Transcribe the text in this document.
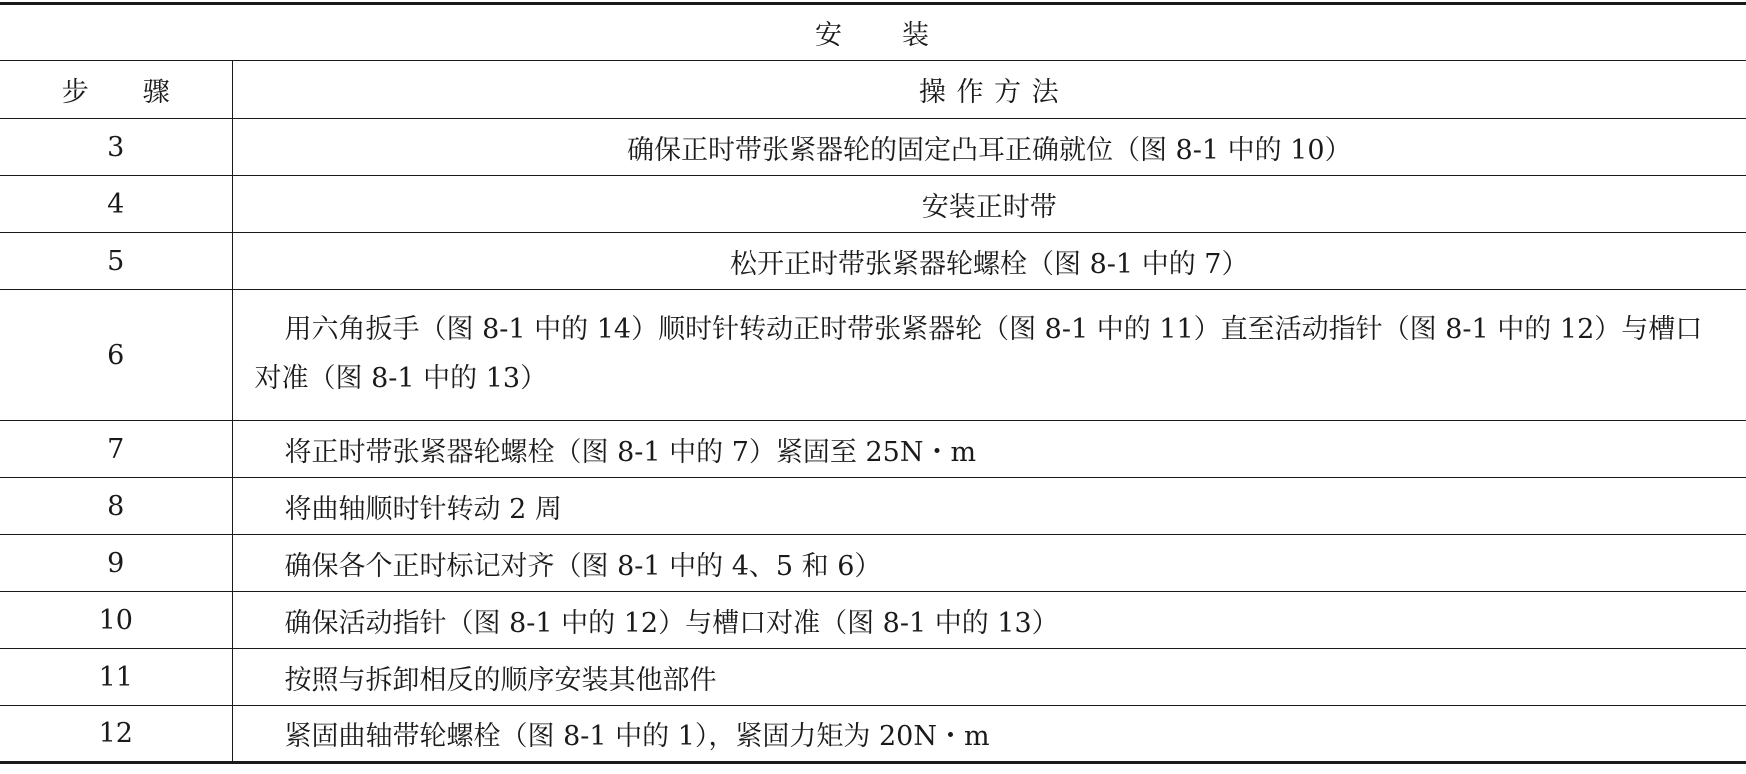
安　　装	
步　　骤	操 作 方 法
3	确保正时带张紧器轮的固定凸耳正确就位（图 8-1 中的 10）
4	安装正时带
5	松开正时带张紧器轮螺栓（图 8-1 中的 7）
6	用六角扳手（图 8-1 中的 14）顺时针转动正时带张紧器轮（图 8-1 中的 11）直至活动指针（图 8-1 中的 12）与槽口对准（图 8-1 中的 13）
7	将正时带张紧器轮螺栓（图 8-1 中的 7）紧固至 25N・m
8	将曲轴顺时针转动 2 周
9	确保各个正时标记对齐（图 8-1 中的 4、5 和 6）
10	确保活动指针（图 8-1 中的 12）与槽口对准（图 8-1 中的 13）
11	按照与拆卸相反的顺序安装其他部件
12	紧固曲轴带轮螺栓（图 8-1 中的 1），紧固力矩为 20N・m
